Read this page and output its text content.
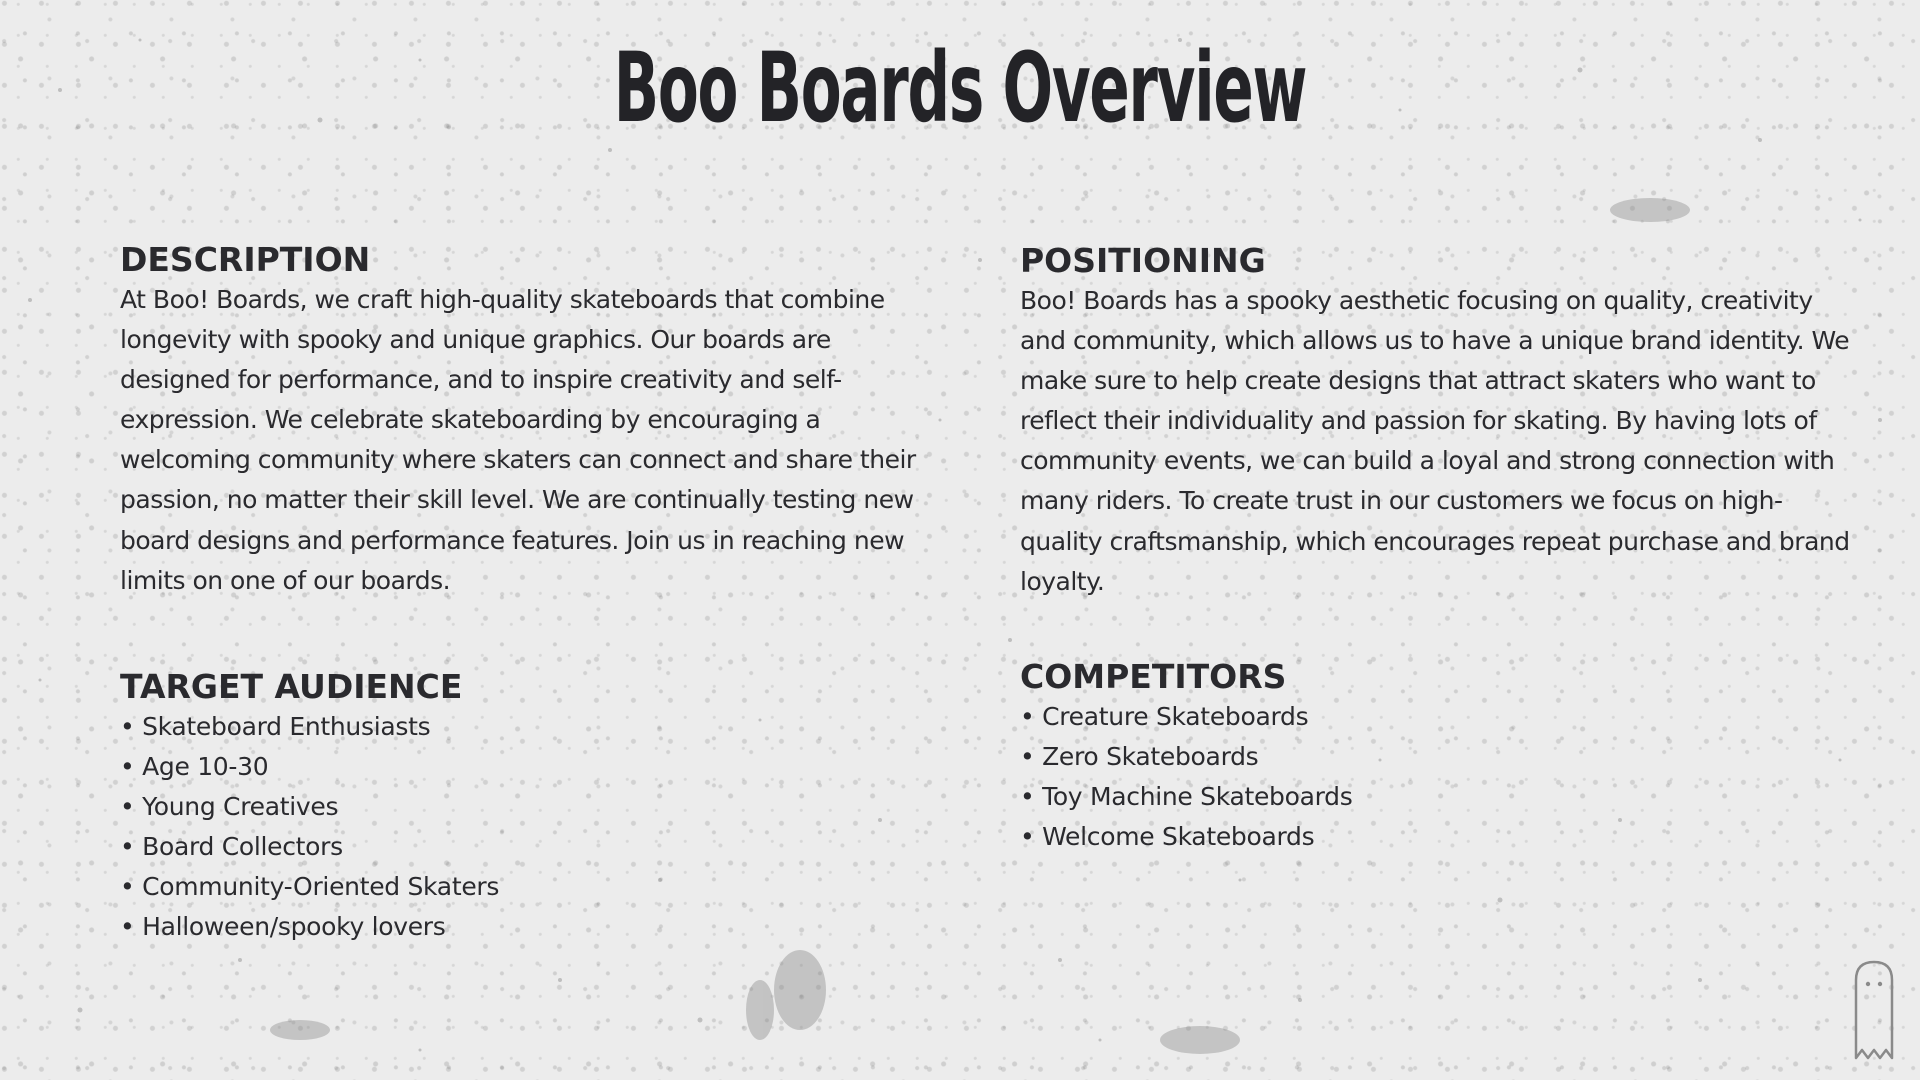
Boo Boards Overview
DESCRIPTION

At Boo! Boards, we craft high-quality skateboards that combine longevity with spooky and unique graphics. Our boards are designed for performance, and to inspire creativity and self-expression. We celebrate skateboarding by encouraging a welcoming community where skaters can connect and share their passion, no matter their skill level. We are continually testing new board designs and performance features. Join us in reaching new limits on one of our boards.

TARGET AUDIENCE
• Skateboard Enthusiasts
• Age 10-30
• Young Creatives
• Board Collectors
• Community-Oriented Skaters
• Halloween/spooky lovers
POSITIONING

Boo! Boards has a spooky aesthetic focusing on quality, creativity and community, which allows us to have a unique brand identity. We make sure to help create designs that attract skaters who want to reflect their individuality and passion for skating. By having lots of community events, we can build a loyal and strong connection with many riders. To create trust in our customers we focus on high-quality craftsmanship, which encourages repeat purchase and brand loyalty.

COMPETITORS
• Creature Skateboards
• Zero Skateboards
• Toy Machine Skateboards
• Welcome Skateboards
